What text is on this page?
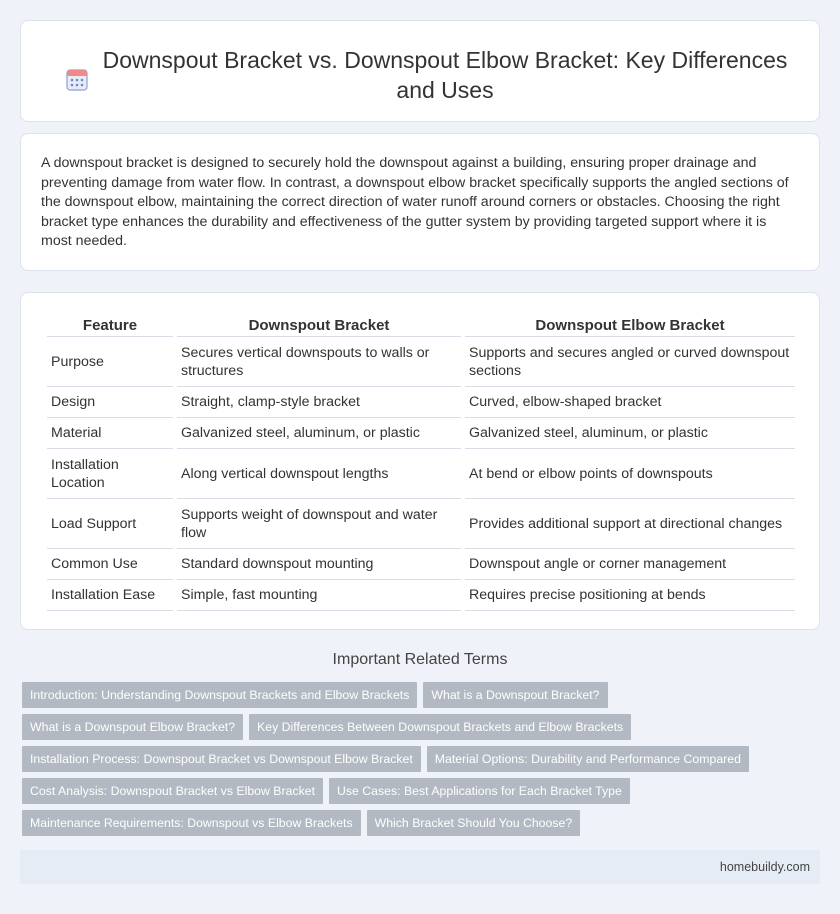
Downspout Bracket vs. Downspout Elbow Bracket: Key Differences and Uses

A downspout bracket is designed to securely hold the downspout against a building, ensuring proper drainage and preventing damage from water flow. In contrast, a downspout elbow bracket specifically supports the angled sections of the downspout elbow, maintaining the correct direction of water runoff around corners or obstacles. Choosing the right bracket type enhances the durability and effectiveness of the gutter system by providing targeted support where it is most needed.

Feature	Downspout Bracket	Downspout Elbow Bracket
Purpose	Secures vertical downspouts to walls or structures	Supports and secures angled or curved downspout sections
Design	Straight, clamp-style bracket	Curved, elbow-shaped bracket
Material	Galvanized steel, aluminum, or plastic	Galvanized steel, aluminum, or plastic
Installation Location	Along vertical downspout lengths	At bend or elbow points of downspouts
Load Support	Supports weight of downspout and water flow	Provides additional support at directional changes
Common Use	Standard downspout mounting	Downspout angle or corner management
Installation Ease	Simple, fast mounting	Requires precise positioning at bends
Important Related Terms
Introduction: Understanding Downspout Brackets and Elbow Brackets	What is a Downspout Bracket?
What is a Downspout Elbow Bracket?	Key Differences Between Downspout Brackets and Elbow Brackets
Installation Process: Downspout Bracket vs Downspout Elbow Bracket	Material Options: Durability and Performance Compared
Cost Analysis: Downspout Bracket vs Elbow Bracket	Use Cases: Best Applications for Each Bracket Type
Maintenance Requirements: Downspout vs Elbow Brackets	Which Bracket Should You Choose?
homebuildy.com
